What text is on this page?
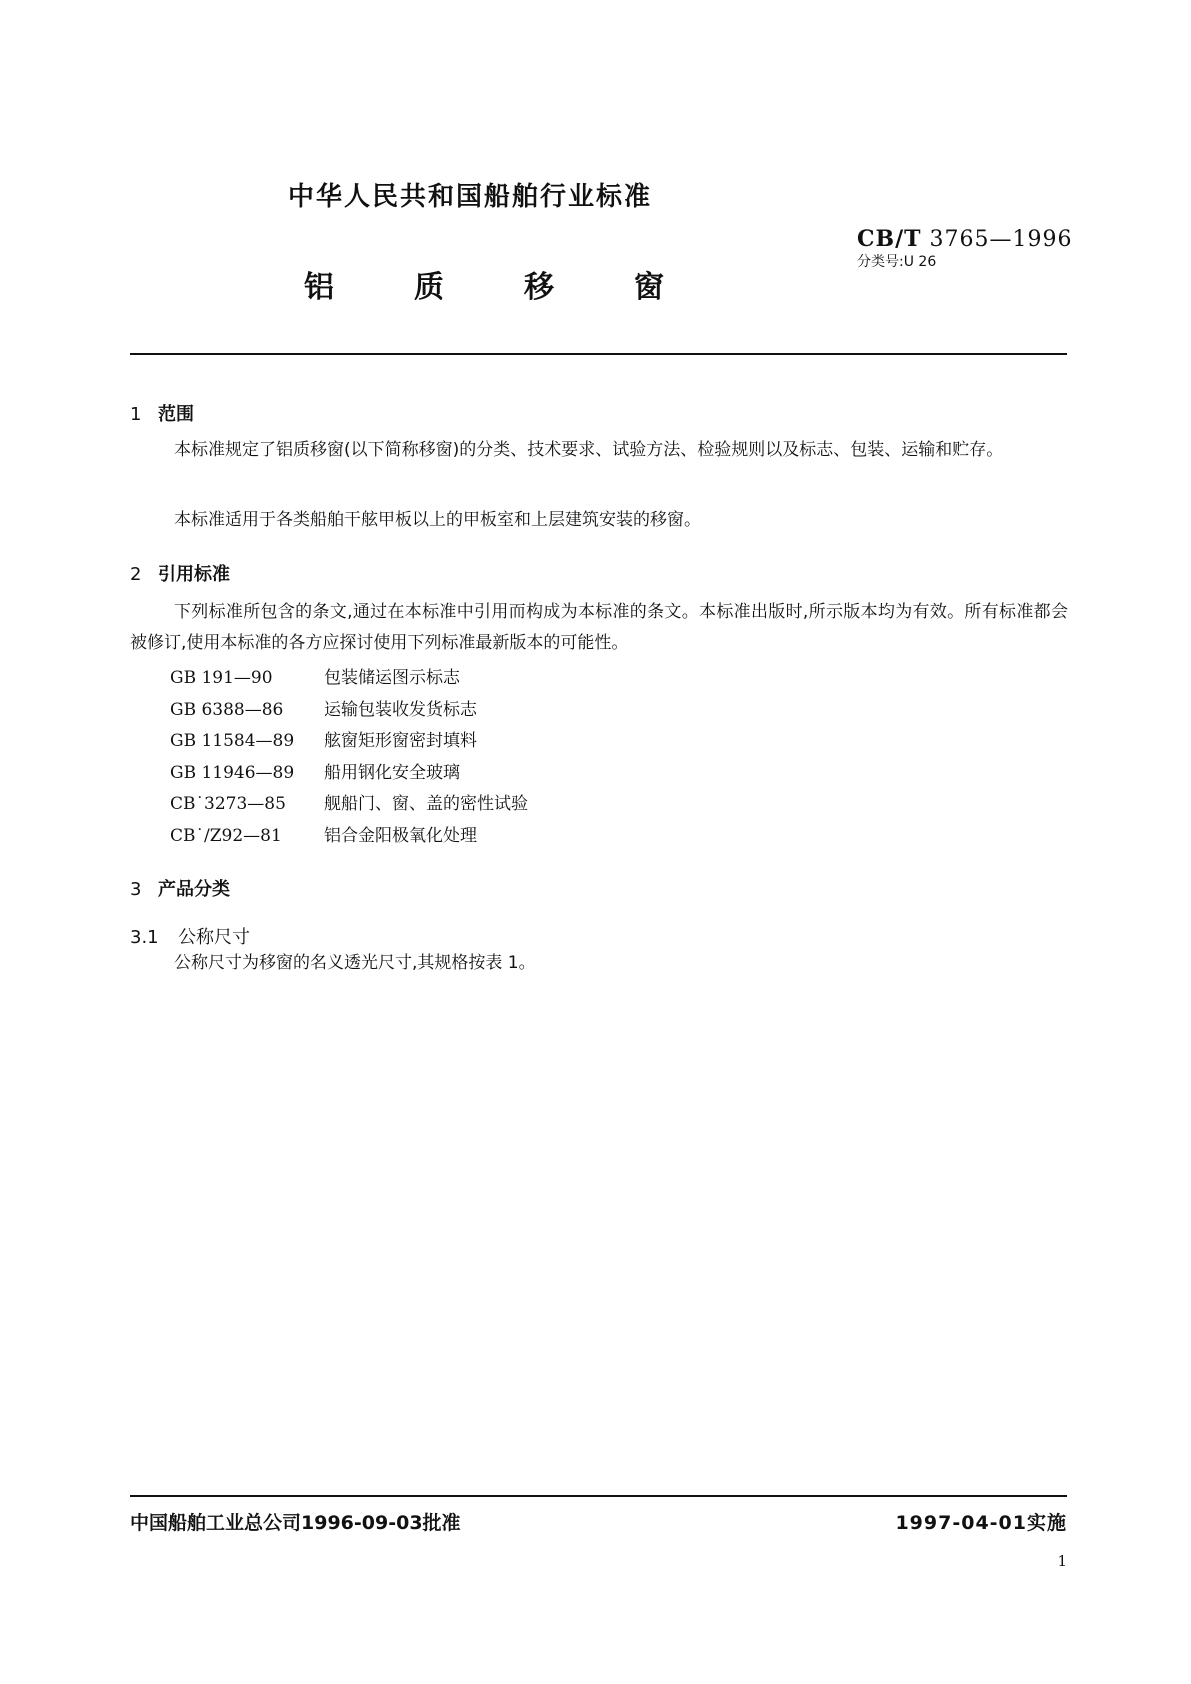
中华人民共和国船舶行业标准
CB/T 3765—1996
分类号:U 26
铝	质	移	窗
1 范围

本标准规定了铝质移窗(以下简称移窗)的分类、技术要求、试验方法、检验规则以及标志、包装、运输和贮存。

本标准适用于各类船舶干舷甲板以上的甲板室和上层建筑安装的移窗。

2 引用标准

下列标准所包含的条文,通过在本标准中引用而构成为本标准的条文。本标准出版时,所示版本均为有效。所有标准都会被修订,使用本标准的各方应探讨使用下列标准最新版本的可能性。

GB 191—90	包装储运图示标志
GB 6388—86 运输包装收发货标志
GB 11584—89 舷窗矩形窗密封填料
GB 11946—89 船用钢化安全玻璃
CB˙3273—85 舰船门、窗、盖的密性试验
CB˙/Z92—81 铝合金阳极氧化处理
3 产品分类
3.1 公称尺寸

公称尺寸为移窗的名义透光尺寸,其规格按表 1。

中国船舶工业总公司1996-09-03批准	1997-04-01实施
1
